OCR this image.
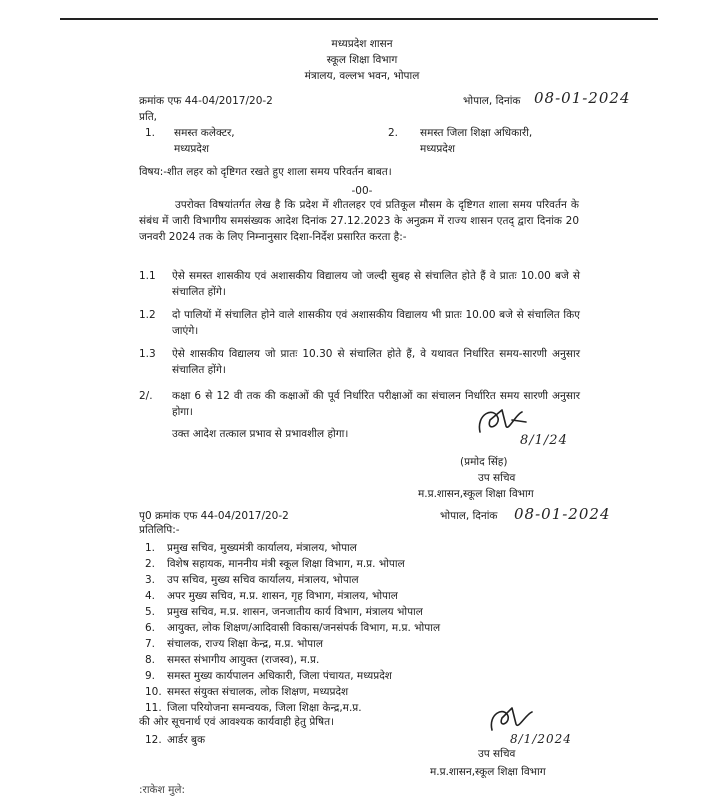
मध्यप्रदेश शासन
स्कूल शिक्षा विभाग
मंत्रालय, वल्लभ भवन, भोपाल
क्रमांक एफ 44-04/2017/20-2	भोपाल, दिनांक 08-01-2024
प्रति,
1. समस्त कलेक्टर,
मध्यप्रदेश
2. समस्त जिला शिक्षा अधिकारी,
मध्यप्रदेश
विषय:-शीत लहर को दृष्टिगत रखते हुए शाला समय परिवर्तन बाबत।
-00-
उपरोक्त विषयांतर्गत लेख है कि प्रदेश में शीतलहर एवं प्रतिकूल मौसम के दृष्टिगत शाला समय परिवर्तन के संबंध में जारी विभागीय समसंख्यक आदेश दिनांक 27.12.2023 के अनुक्रम में राज्य शासन एतद् द्वारा दिनांक 20 जनवरी 2024 तक के लिए निम्नानुसार दिशा-निर्देश प्रसारित करता है:-
1.1 ऐसे समस्त शासकीय एवं अशासकीय विद्यालय जो जल्दी सुबह से संचालित होते हैं वे प्रातः 10.00 बजे से संचालित होंगे।
1.2 दो पालियों में संचालित होने वाले शासकीय एवं अशासकीय विद्यालय भी प्रातः 10.00 बजे से संचालित किए जाएंगे।
1.3 ऐसे शासकीय विद्यालय जो प्रातः 10.30 से संचालित होते हैं, वे यथावत निर्धारित समय-सारणी अनुसार संचालित होंगे।
2/. कक्षा 6 से 12 वी तक की कक्षाओं की पूर्व निर्धारित परीक्षाओं का संचालन निर्धारित समय सारणी अनुसार होगा।
उक्त आदेश तत्काल प्रभाव से प्रभावशील होगा।	8/1/24
(प्रमोद सिंह)
उप सचिव
म.प्र.शासन,स्कूल शिक्षा विभाग
पृ0 क्रमांक एफ 44-04/2017/20-2	भोपाल, दिनांक 08-01-2024
प्रतिलिपि:-
1. प्रमुख सचिव, मुख्यमंत्री कार्यालय, मंत्रालय, भोपाल
2. विशेष सहायक, माननीय मंत्री स्कूल शिक्षा विभाग, म.प्र. भोपाल
3. उप सचिव, मुख्य सचिव कार्यालय, मंत्रालय, भोपाल
4. अपर मुख्य सचिव, म.प्र. शासन, गृह विभाग, मंत्रालय, भोपाल
5. प्रमुख सचिव, म.प्र. शासन, जनजातीय कार्य विभाग, मंत्रालय भोपाल
6. आयुक्त, लोक शिक्षण/आदिवासी विकास/जनसंपर्क विभाग, म.प्र. भोपाल
7. संचालक, राज्य शिक्षा केन्द्र, म.प्र. भोपाल
8. समस्त संभागीय आयुक्त (राजस्व), म.प्र.
9. समस्त मुख्य कार्यपालन अधिकारी, जिला पंचायत, मध्यप्रदेश
10. समस्त संयुक्त संचालक, लोक शिक्षण, मध्यप्रदेश
11. जिला परियोजना समन्वयक, जिला शिक्षा केन्द्र,म.प्र.
की ओर सूचनार्थ एवं आवश्यक कार्यवाही हेतु प्रेषित।
12. आर्डर बुक	8/1/2024
उप सचिव
म.प्र.शासन,स्कूल शिक्षा विभाग
:राकेश मुले:
